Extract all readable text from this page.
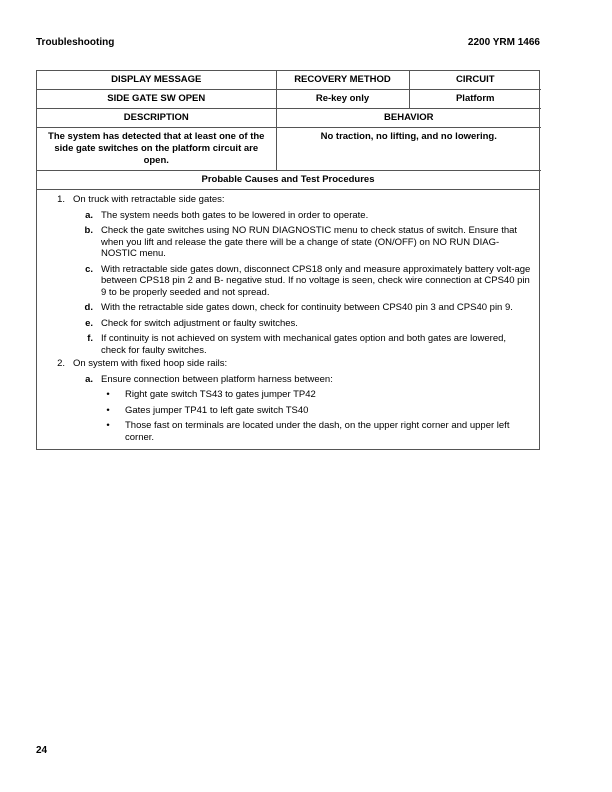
Troubleshooting	2200 YRM 1466
DISPLAY MESSAGE	RECOVERY METHOD	CIRCUIT
SIDE GATE SW OPEN	Re-key only	Platform
DESCRIPTION	BEHAVIOR	
The system has detected that at least one of the side gate switches on the platform circuit are open.	No traction, no lifting, and no lowering.	
Probable Causes and Test Procedures
1. On truck with retractable side gates:
a. The system needs both gates to be lowered in order to operate.
b. Check the gate switches using NO RUN DIAGNOSTIC menu to check status of switch. Ensure that when you lift and release the gate there will be a change of state (ON/OFF) on NO RUN DIAG-NOSTIC menu.
c. With retractable side gates down, disconnect CPS18 only and measure approximately battery volt-age between CPS18 pin 2 and B- negative stud. If no voltage is seen, check wire connection at CPS40 pin 9 to be properly seeded and not spread.
d. With the retractable side gates down, check for continuity between CPS40 pin 3 and CPS40 pin 9.
e. Check for switch adjustment or faulty switches.
f. If continuity is not achieved on system with mechanical gates option and both gates are lowered, check for faulty switches.
2. On system with fixed hoop side rails:
a. Ensure connection between platform harness between:
•	Right gate switch TS43 to gates jumper TP42
•	Gates jumper TP41 to left gate switch TS40
•	Those fast on terminals are located under the dash, on the upper right corner and upper left corner.
24
